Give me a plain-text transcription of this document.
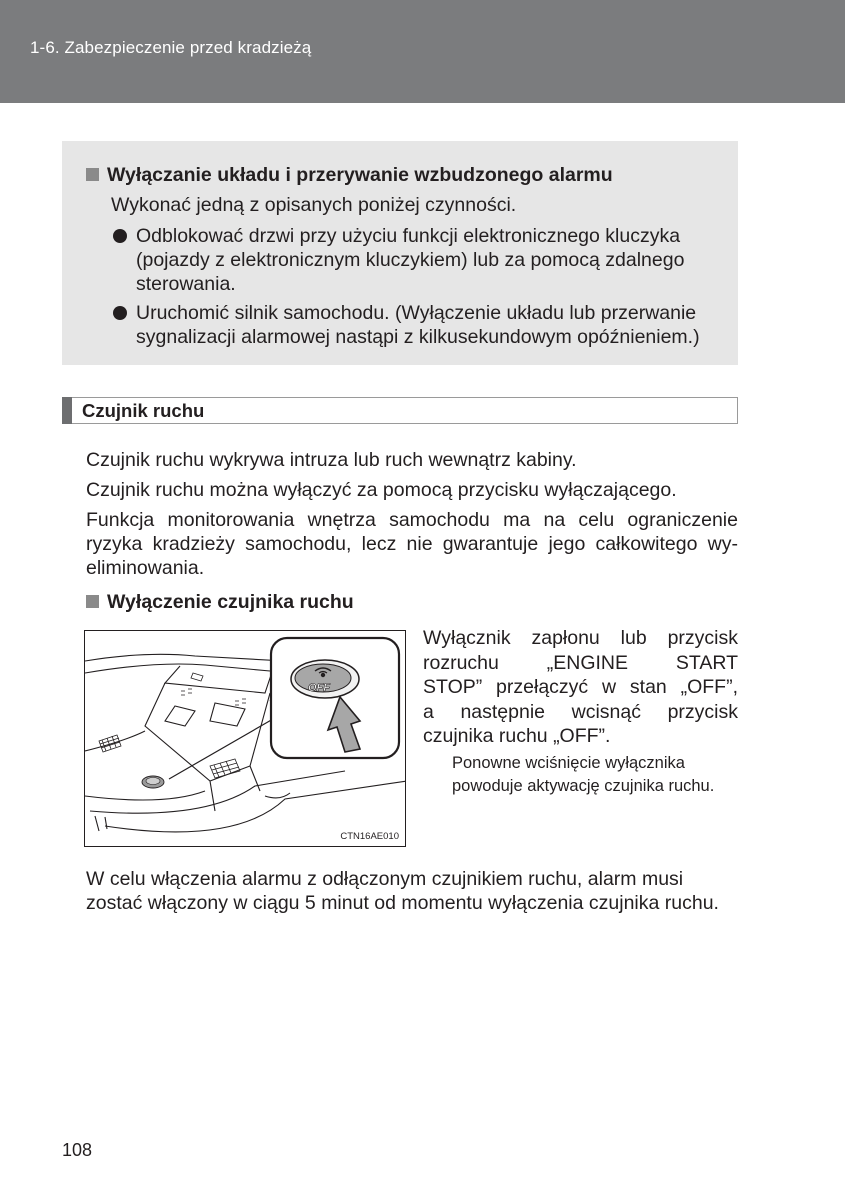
1-6. Zabezpieczenie przed kradzieżą
Wyłączanie układu i przerywanie wzbudzonego alarmu
Wykonać jedną z opisanych poniżej czynności.
Odblokować drzwi przy użyciu funkcji elektronicznego kluczyka
(pojazdy z elektronicznym kluczykiem) lub za pomocą zdalnego
sterowania.
Uruchomić silnik samochodu. (Wyłączenie układu lub przerwanie
sygnalizacji alarmowej nastąpi z kilkusekundowym opóźnieniem.)
Czujnik ruchu
Czujnik ruchu wykrywa intruza lub ruch wewnątrz kabiny.
Czujnik ruchu można wyłączyć za pomocą przycisku wyłączającego.
Funkcja monitorowania wnętrza samochodu ma na celu ograniczenie
ryzyka kradzieży samochodu, lecz nie gwarantuje jego całkowitego wy-
eliminowania.
Wyłączenie czujnika ruchu
OFF
CTN16AE010
Wyłącznik zapłonu lub przycisk
rozruchu „ENGINE START
STOP” przełączyć w stan „OFF”,
a następnie wcisnąć przycisk
czujnika ruchu „OFF”.
Ponowne wciśnięcie wyłącznika
powoduje aktywację czujnika ruchu.
W celu włączenia alarmu z odłączonym czujnikiem ruchu, alarm musi
zostać włączony w ciągu 5 minut od momentu wyłączenia czujnika ruchu.
108
